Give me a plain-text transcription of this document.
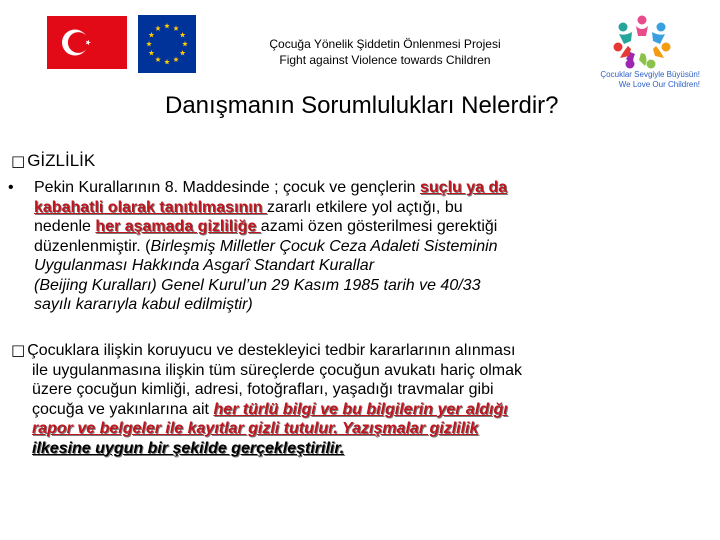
Çocuğa Yönelik Şiddetin Önlenmesi Projesi
Fight against Violence towards Children
Çocuklar Sevgiyle Büyüsün!
We Love Our Children!
Danışmanın Sorumlulukları Nelerdir?
□ GİZLİLİK
• Pekin Kurallarının 8. Maddesinde ; çocuk ve gençlerin suçlu ya da
kabahatli olarak tanıtılmasının zararlı etkilere yol açtığı, bu
nedenle her aşamada gizliliğe azami özen gösterilmesi gerektiği
düzenlenmiştir. (Birleşmiş Milletler Çocuk Ceza Adaleti Sisteminin
Uygulanması Hakkında Asgarî Standart Kurallar
(Beijing Kuralları) Genel Kurul’un 29 Kasım 1985 tarih ve 40/33
sayılı kararıyla kabul edilmiştir)
□ Çocuklara ilişkin koruyucu ve destekleyici tedbir kararlarının alınması
ile uygulanmasına ilişkin tüm süreçlerde çocuğun avukatı hariç olmak
üzere çocuğun kimliği, adresi, fotoğrafları, yaşadığı travmalar gibi
çocuğa ve yakınlarına ait her türlü bilgi ve bu bilgilerin yer aldığı
rapor ve belgeler ile kayıtlar gizli tutulur. Yazışmalar gizlilik
ilkesine uygun bir şekilde gerçekleştirilir.
